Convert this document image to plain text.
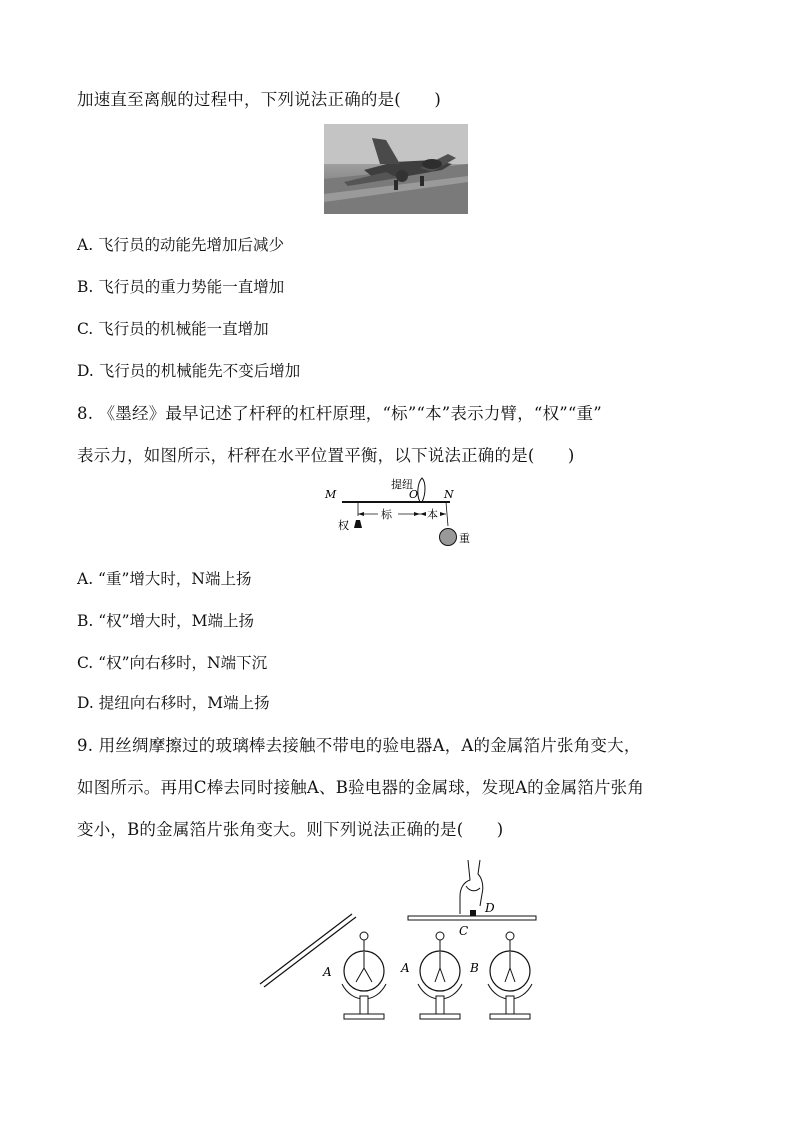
加速直至离舰的过程中，下列说法正确的是(　　)
A. 飞行员的动能先增加后减少
B. 飞行员的重力势能一直增加
C. 飞行员的机械能一直增加
D. 飞行员的机械能先不变后增加
8. 《墨经》最早记述了杆秤的杠杆原理，“标”“本”表示力臂，“权”“重”
表示力，如图所示，杆秤在水平位置平衡，以下说法正确的是(　　)
M	N
O
提纽
标	本
权
重
A. “重”增大时，N端上扬
B. “权”增大时，M端上扬
C. “权”向右移时，N端下沉
D. 提纽向右移时，M端上扬
9. 用丝绸摩擦过的玻璃棒去接触不带电的验电器A，A的金属箔片张角变大，
如图所示。再用C棒去同时接触A、B验电器的金属球，发现A的金属箔片张角
变小，B的金属箔片张角变大。则下列说法正确的是(　　)
D
C
A	A	B
